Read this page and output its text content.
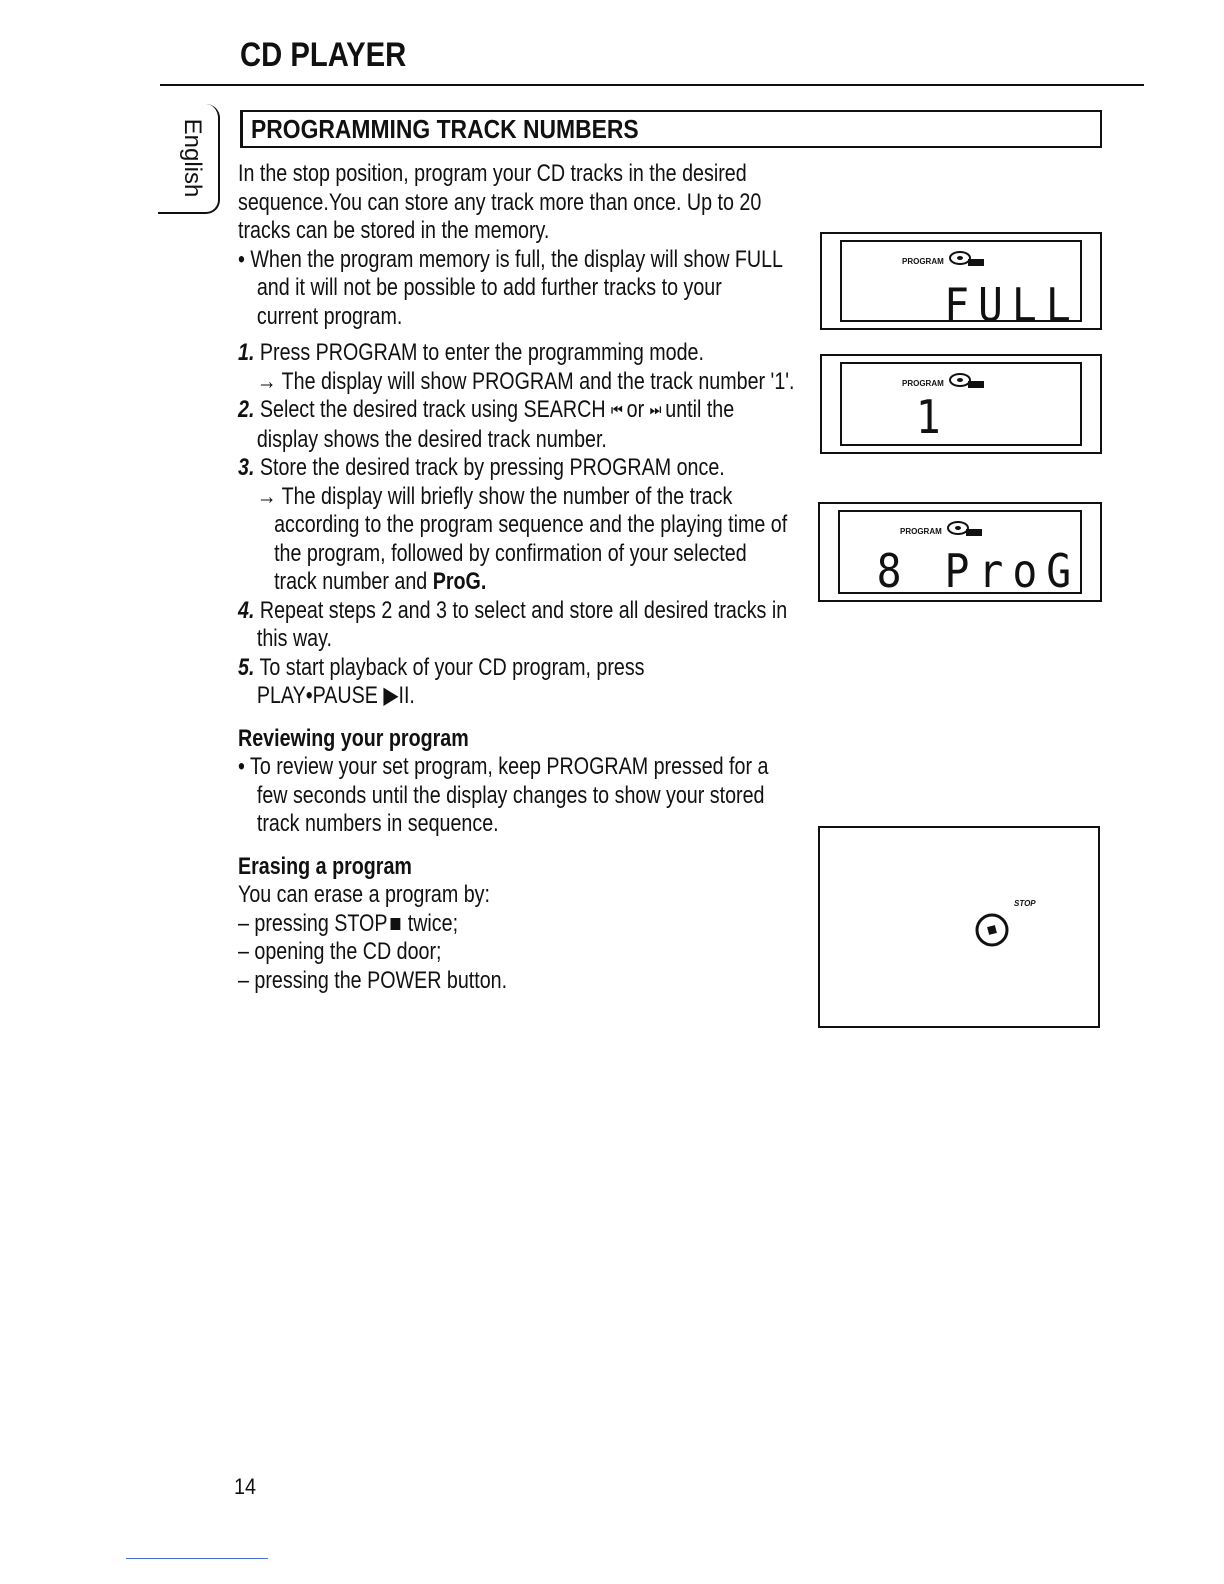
CD PLAYER
English PROGRAMMING TRACK NUMBERS

In the stop position, program your CD tracks in the desired

sequence.You can store any track more than once. Up to 20

tracks can be stored in the memory.

• When the program memory is full, the display will show FULL

and it will not be possible to add further tracks to your

current program.

1. Press PROGRAM to enter the programming mode.

→ The display will show PROGRAM and the track number '1'.

2. Select the desired track using SEARCH ⏮ or ⏭ until the

display shows the desired track number.

3. Store the desired track by pressing PROGRAM once.

→ The display will briefly show the number of the track

according to the program sequence and the playing time of

the program, followed by confirmation of your selected

track number and ProG.

4. Repeat steps 2 and 3 to select and store all desired tracks in

this way.

5. To start playback of your CD program, press

PLAY•PAUSE ▶II.

Reviewing your program

• To review your set program, keep PROGRAM pressed for a

few seconds until the display changes to show your stored

track numbers in sequence.

Erasing a program

You can erase a program by:

– pressing STOP twice;

– opening the CD door;

– pressing the POWER button.

PROGRAM
FULL
PROGRAM
1
PROGRAM
8 ProG
STOP
14
